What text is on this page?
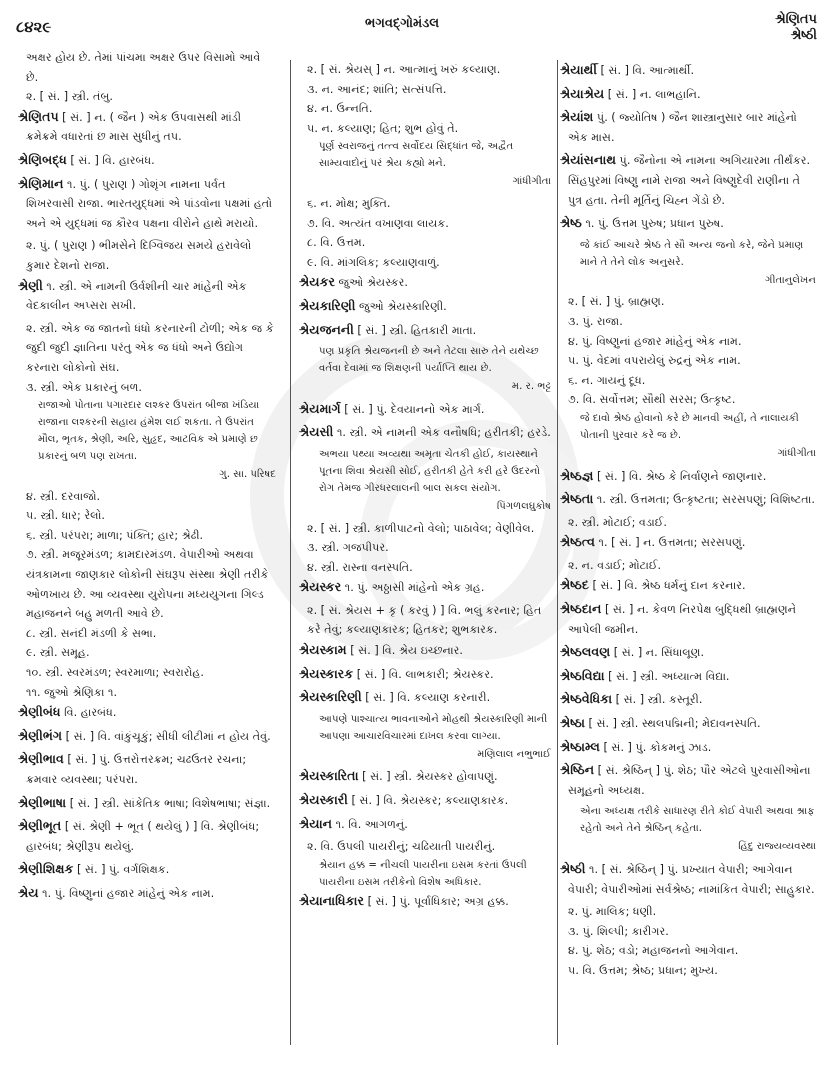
૮૪૨૯	ભગવદ્ગોમંડલ	શ્રેણિતપ
શ્રેષ્ઠી
અક્ષર હોય છે. તેમાં પાંચમા અક્ષર ઉપર વિસામો આવે છે.
૨. [ સં. ] સ્ત્રી. તંબુ.
શ્રેણિતપ [ સં. ] ન. ( જૈન ) એક ઉપવાસથી માંડી ક્રમેક્રમે વધારતાં છ માસ સુધીનું તપ.
શ્રેણિબદ્ધ [ સં. ] વિ. હારબંધ.
શ્રેણિમાન ૧. પું. ( પુરાણ ) ગોશૃંગ નામના પર્વત શિખરવાસી રાજા. ભારતયુદ્ધમાં એ પાંડવોના પક્ષમાં હતો અને એ યુદ્ધમાં જ કૌરવ પક્ષના વીરોને હાથે મરાયો.
૨. પું. ( પુરાણ ) ભીમસેને દિગ્વિજય સમયે હરાવેલો કુમાર દેશનો રાજા.
શ્રેણી ૧. સ્ત્રી. એ નામની ઉર્વશીની ચાર માંહેની એક વેદકાલીન અપ્સરા સખી.
૨. સ્ત્રી. એક જ જાતનો ધંધો કરનારની ટોળી; એક જ કે જુદી જુદી જ્ઞાતિના પરંતુ એક જ ધંધો અને ઉદ્યોગ કરનારા લોકોનો સંઘ.
૩. સ્ત્રી. એક પ્રકારનું બળ.
રાજાઓ પોતાના પગારદાર લશ્કર ઉપરાંત બીજા ખંડિયા રાજાના લશ્કરની સહાય હંમેશ લઈ શકતા. તે ઉપરાંત મૌલ, ભૃતક, શ્રેણી, અરિ, સુહૃદ, આટવિક એ પ્રમાણે છ પ્રકારનું બળ પણ રાખતા.
ગુ. સા. પરિષદ
૪. સ્ત્રી. દરવાજો.
૫. સ્ત્રી. ધાર; રેલો.
૬. સ્ત્રી. પરંપરા; માળા; પંક્તિ; હાર; શ્રેઢી.
૭. સ્ત્રી. મજૂરમંડળ; કામદારમંડળ. વેપારીઓ અથવા યંત્રકામના જાણકાર લોકોની સંઘરૂપ સંસ્થા શ્રેણી તરીકે ઓળખાય છે. આ વ્યવસ્થા યુરોપના મધ્યયુગના ગિલ્ડ મહાજનને બહુ મળતી આવે છે.
૮. સ્ત્રી. સનંદી મંડળી કે સભા.
૯. સ્ત્રી. સમૂહ.
૧૦. સ્ત્રી. સ્વરમંડળ; સ્વરમાળા; સ્વરારોહ.
૧૧. જુઓ શ્રેણિકા ૧.
શ્રેણીબંધ વિ. હારબંધ.
શ્રેણીભંગ [ સં. ] વિ. વાંકુંચૂકું; સીધી લીટીમાં ન હોય તેવું.
શ્રેણીભાવ [ સં. ] પું. ઉત્તરોત્તરક્રમ; ચઢઉતર રચના; ક્રમવાર વ્યવસ્થા; પરંપરા.
શ્રેણીભાષા [ સં. ] સ્ત્રી. સાંકેતિક ભાષા; વિશેષભાષા; સંજ્ઞા.
શ્રેણીભૂત [ સં. શ્રેણી + ભૂત ( થયેલું ) ] વિ. શ્રેણીબંધ; હારબંધ; શ્રેણીરૂપ થયેલું.
શ્રેણીશિક્ષક [ સં. ] પું. વર્ગશિક્ષક.
શ્રેય ૧. પું. વિષ્ણુનાં હજાર માંહેનું એક નામ.
૨. [ સં. શ્રેયસ્ ] ન. આત્માનું ખરું કલ્યાણ.
૩. ન. આનંદ; શાંતિ; સત્સંપત્તિ.
૪. ન. ઉન્નતિ.
૫. ન. કલ્યાણ; હિત; શુભ હોવું તે.
પૂર્ણ સ્વરાજનું તત્ત્વ સર્વોદય સિદ્ધાંત જે, અદ્વૈત સામ્યવાદોનું પરં શ્રેય કહ્યો મને.
ગાંધીગીતા
૬. ન. મોક્ષ; મુક્તિ.
૭. વિ. અત્યંત વખાણવા લાયક.
૮. વિ. ઉત્તમ.
૯. વિ. માંગલિક; કલ્યાણવાળું.
શ્રેયકર જુઓ શ્રેયસ્કર.
શ્રેયકારિણી જુઓ શ્રેયસ્કારિણી.
શ્રેયજનની [ સં. ] સ્ત્રી. હિતકારી માતા.
પણ પ્રકૃતિ શ્રેયજનની છે અને તેટલા સારુ તેને યથેચ્છ વર્તવા દેવામાં જ શિક્ષણની પર્યાપ્તિ થાય છે.
મ. ર. ભટ્ટ
શ્રેયમાર્ગ [ સં. ] પું. દેવયાનનો એક માર્ગ.
શ્રેયસી ૧. સ્ત્રી. એ નામની એક વનૌષધિ; હરીતકી; હરડે.
અભયા પથ્યા અવ્યથા અમૃતા ચેતકી હોઈ, કાયસ્થાને પૂતના શિવા શ્રેયસી સોઈ, હરીતકી હેતે કરી હરે ઉદરનો રોગ તેમજ ગીરધરલાલની બાલ સકલ સંયોગ.
પિંગળલઘુકોષ
૨. [ સં. ] સ્ત્રી. કાળીપાટનો વેલો; પાઠાવેલ; વેણીવેલ.
૩. સ્ત્રી. ગજપીપર.
૪. સ્ત્રી. રાસ્ના વનસ્પતિ.
શ્રેયસ્કર ૧. પું. અઠ્ઠાસી માંહેનો એક ગ્રહ.
૨. [ સં. શ્રેયસ + કૃ ( કરવું ) ] વિ. ભલું કરનાર; હિત કરે તેવું; કલ્યાણકારક; હિતકર; શુભકારક.
શ્રેયસ્કામ [ સં. ] વિ. શ્રેય ઇચ્છનાર.
શ્રેયસ્કારક [ સં. ] વિ. લાભકારી; શ્રેયસ્કર.
શ્રેયસ્કારિણી [ સં. ] વિ. કલ્યાણ કરનારી.
આપણે પાશ્ચાત્ય ભાવનાઓને મોહથી શ્રેયસ્કારિણી માની આપણા આચારવિચારમાં દાખલ કરવા લાગ્યા.
મણિલાલ નભુભાઈ
શ્રેયસ્કારિતા [ સં. ] સ્ત્રી. શ્રેયસ્કર હોવાપણું.
શ્રેયસ્કારી [ સં. ] વિ. શ્રેયસ્કર; કલ્યાણકારક.
શ્રેયાન ૧. વિ. આગળનું.
૨. વિ. ઉપલી પાયરીનું; ચઢિયાતી પાયરીનું.
શ્રેયાન હક્ક = નીચલી પાયરીના ઇસમ કરતાં ઉપલી પાયરીના ઇસમ તરીકેનો વિશેષ અધિકાર.
શ્રેયાનાધિકાર [ સં. ] પું. પૂર્વાધિકાર; અગ્ર હક્ક.
શ્રેયાર્થી [ સં. ] વિ. આત્માર્થી.
શ્રેયાશ્રેય [ સં. ] ન. લાભહાનિ.
શ્રેયાંશ પું. ( જ્યોતિષ ) જૈન શાસ્ત્રાનુસાર બાર માંહેનો એક માસ.
શ્રેયાંસનાથ પું. જૈનોના એ નામના અગિયારમા તીર્થંકર. સિંહપુરમાં વિષ્ણુ નામે રાજા અને વિષ્ણુદેવી રાણીના તે પુત્ર હતા. તેની મૂર્તિનું ચિહ્ન ગેંડો છે.
શ્રેષ્ઠ ૧. પું. ઉત્તમ પુરુષ; પ્રધાન પુરુષ.
જે કાંઈ આચરે શ્રેષ્ઠ તે સૌ અન્ય જનો કરે, જેને પ્રમાણ માને તે તેને લોક અનુસરે.
ગીતાનુલેખન
૨. [ સં. ] પું. બ્રાહ્મણ.
૩. પું. રાજા.
૪. પું. વિષ્ણુનાં હજાર માંહેનું એક નામ.
૫. પું. વેદમાં વપરાયેલું રુદ્રનું એક નામ.
૬. ન. ગાયનું દૂધ.
૭. વિ. સર્વોત્તમ; સૌથી સરસ; ઉત્કૃષ્ટ.
જે દાવો શ્રેષ્ઠ હોવાનો કરે છે માનવી અહીં, તે નાલાયકી પોતાની પુરવાર કરે જ છે.
ગાંધીગીતા
શ્રેષ્ઠજ્ઞ [ સં. ] વિ. શ્રેષ્ઠ કે નિર્વાણને જાણનાર.
શ્રેષ્ઠતા ૧. સ્ત્રી. ઉત્તમતા; ઉત્કૃષ્ટતા; સરસપણું; વિશિષ્ટતા.
૨. સ્ત્રી. મોટાઈ; વડાઈ.
શ્રેષ્ઠત્વ ૧. [ સં. ] ન. ઉત્તમતા; સરસપણું.
૨. ન. વડાઈ; મોટાઈ.
શ્રેષ્ઠદ [ સં. ] વિ. શ્રેષ્ઠ ધર્મનું દાન કરનાર.
શ્રેષ્ઠદાન [ સં. ] ન. કેવળ નિરપેક્ષ બુદ્ધિથી બ્રાહ્મણને આપેલી જમીન.
શ્રેષ્ઠલવણ [ સં. ] ન. સિંધાલૂણ.
શ્રેષ્ઠવિદ્યા [ સં. ] સ્ત્રી. અધ્યાત્મ વિદ્યા.
શ્રેષ્ઠવેધિકા [ સં. ] સ્ત્રી. કસ્તૂરી.
શ્રેષ્ઠા [ સં. ] સ્ત્રી. સ્થલપદ્મિની; મેદાવનસ્પતિ.
શ્રેષ્ઠામ્લ [ સં. ] પું. કોકમનું ઝાડ.
શ્રેષ્ઠિન [ સં. શ્રેષ્ઠિન્ ] પું. શેઠ; પૌર એટલે પુરવાસીઓના સમૂહનો અધ્યક્ષ.
એના અધ્યક્ષ તરીકે સાધારણ રીતે કોઈ વેપારી અથવા શ્રાફ રહેતો અને તેને શ્રેષ્ઠિન્ કહેતા.
હિંદુ રાજ્યવ્યવસ્થા
શ્રેષ્ઠી ૧. [ સં. શ્રેષ્ઠિન્ ] પું. પ્રખ્યાત વેપારી; આગેવાન વેપારી; વેપારીઓમાં સર્વશ્રેષ્ઠ; નામાંકિત વેપારી; સાહુકાર.
૨. પું. માલિક; ધણી.
૩. પું. શિલ્પી; કારીગર.
૪. પું. શેઠ; વડો; મહાજનનો આગેવાન.
૫. વિ. ઉત્તમ; શ્રેષ્ઠ; પ્રધાન; મુખ્ય.
